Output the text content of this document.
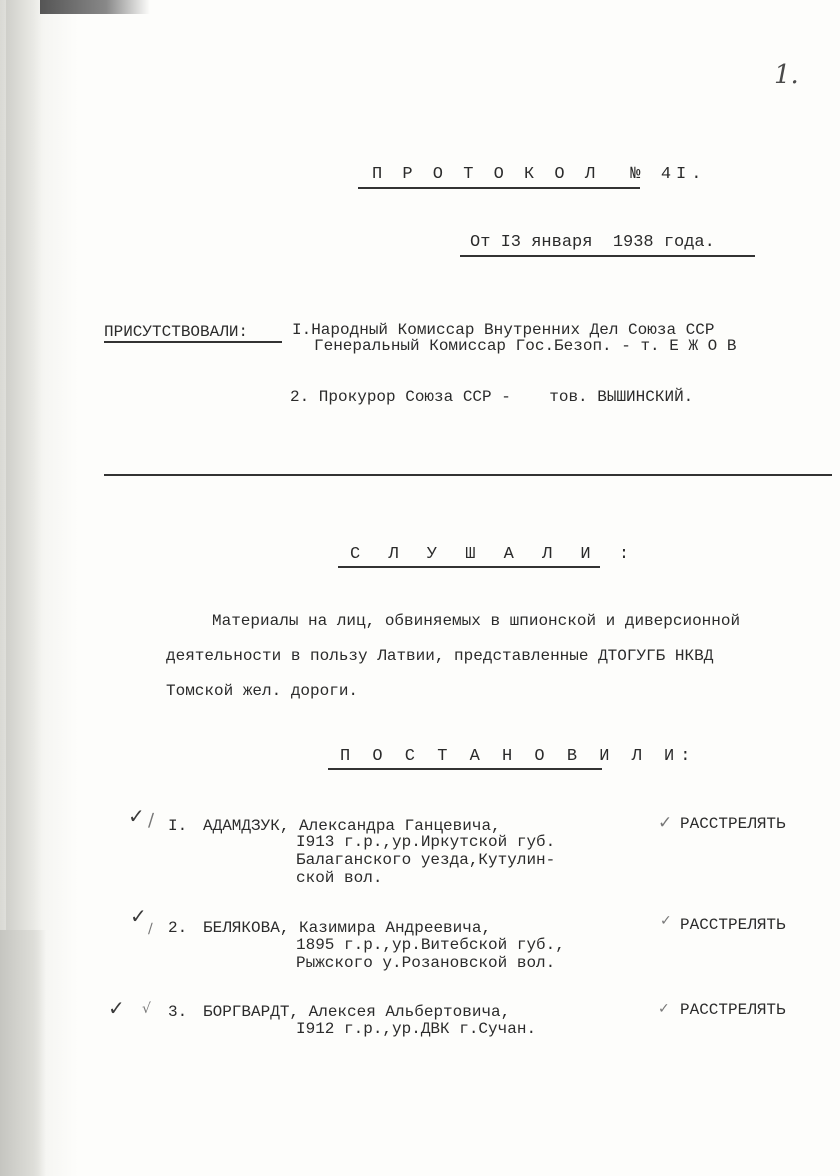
1.
П Р О Т О К О Л  № 4I.
От I3 января  1938 года.
ПРИСУТСТВОВАЛИ:	I.Народный Комиссар Внутренних Дел Союза ССР
Генеральный Комиссар Гос.Безоп. - т. Е Ж О В
2. Прокурор Союза ССР -    тов. ВЫШИНСКИЙ.
С Л У Ш А Л И :
Материалы на лиц, обвиняемых в шпионской и диверсионной
деятельности в пользу Латвии, представленные ДТОГУГБ НКВД
Томской жел. дороги.
П О С Т А Н О В И Л И:
✓ ∕ I. АДАМДЗУК, Александра Ганцевича,
I913 г.р.,ур.Иркутской губ.
Балаганского уезда,Кутулин-
ской вол.
✓ РАССТРЕЛЯТЬ
✓
∕ 2. БЕЛЯКОВА, Казимира Андреевича,
1895 г.р.,ур.Витебской губ.,
Рыжского у.Розановской вол.
✓ РАССТРЕЛЯТЬ
✓ √ 3. БОРГВАРДТ, Алексея Альбертовича,
I912 г.р.,ур.ДВК г.Сучан.
✓ РАССТРЕЛЯТЬ
